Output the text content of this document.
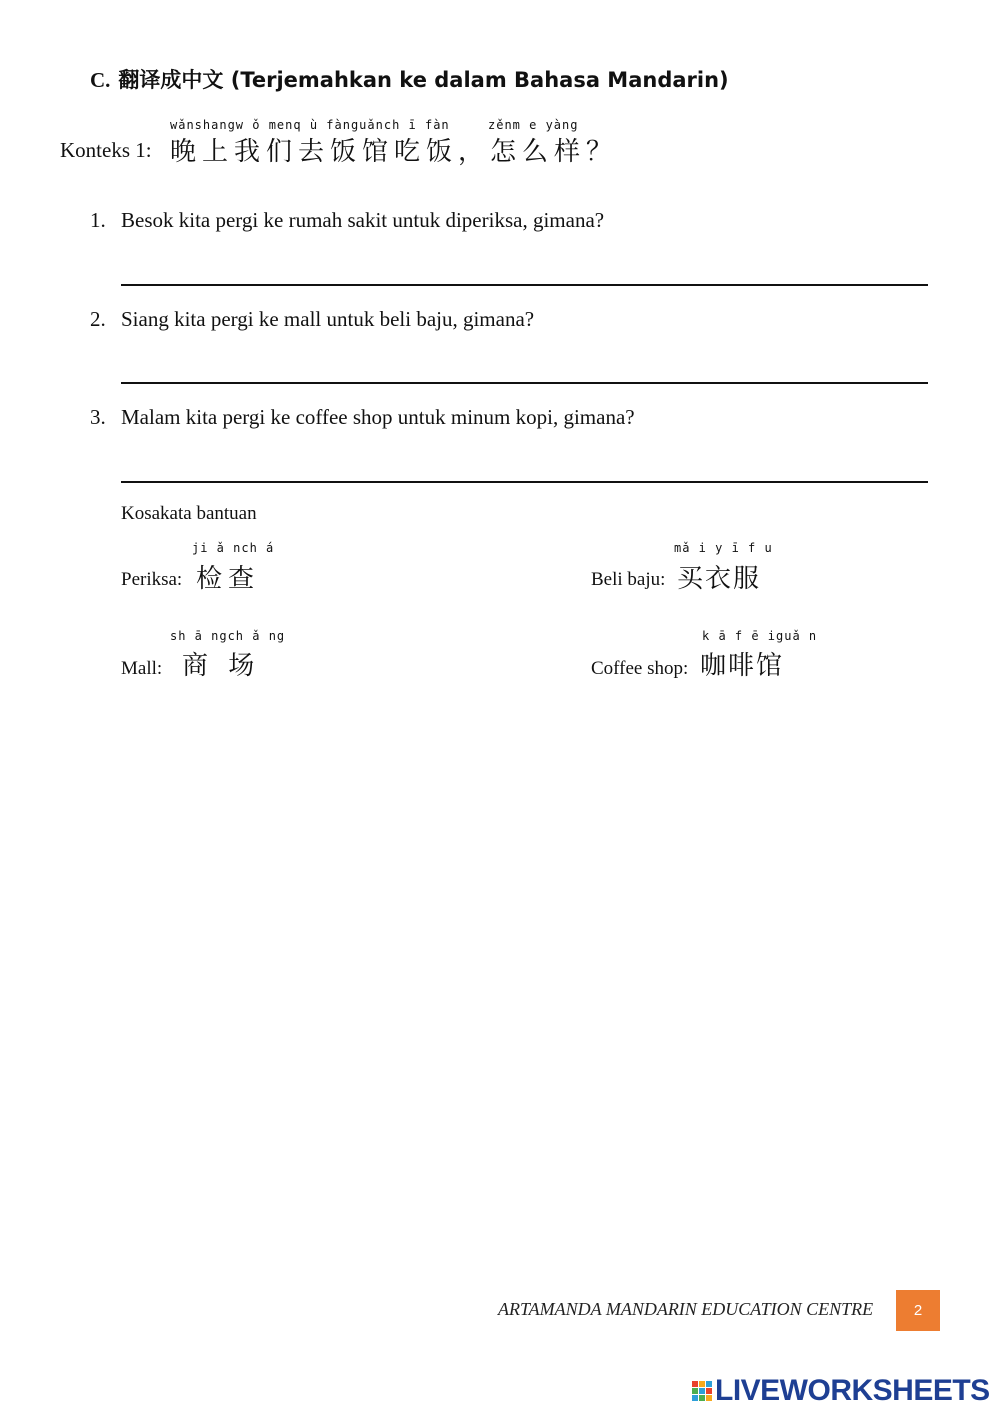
C. 翻译成中文 (Terjemahkan ke dalam Bahasa Mandarin)
wǎnshangw ǒ menq ù fànguǎnch ī fàn	zěnm e yàng
Konteks 1: 晚上我们去饭馆吃饭，怎么样？
1. Besok kita pergi ke rumah sakit untuk diperiksa, gimana?
2. Siang kita pergi ke mall untuk beli baju, gimana?
3. Malam kita pergi ke coffee shop untuk minum kopi, gimana?
Kosakata bantuan
ji ǎ nch á
Periksa: 检查
mǎ i y ī f u
Beli baju: 买衣服
sh ā ngch ǎ ng
Mall: 商 场
k ā f ē iguǎ n
Coffee shop: 咖啡馆
ARTAMANDA MANDARIN EDUCATION CENTRE	2
LIVEWORKSHEETS
